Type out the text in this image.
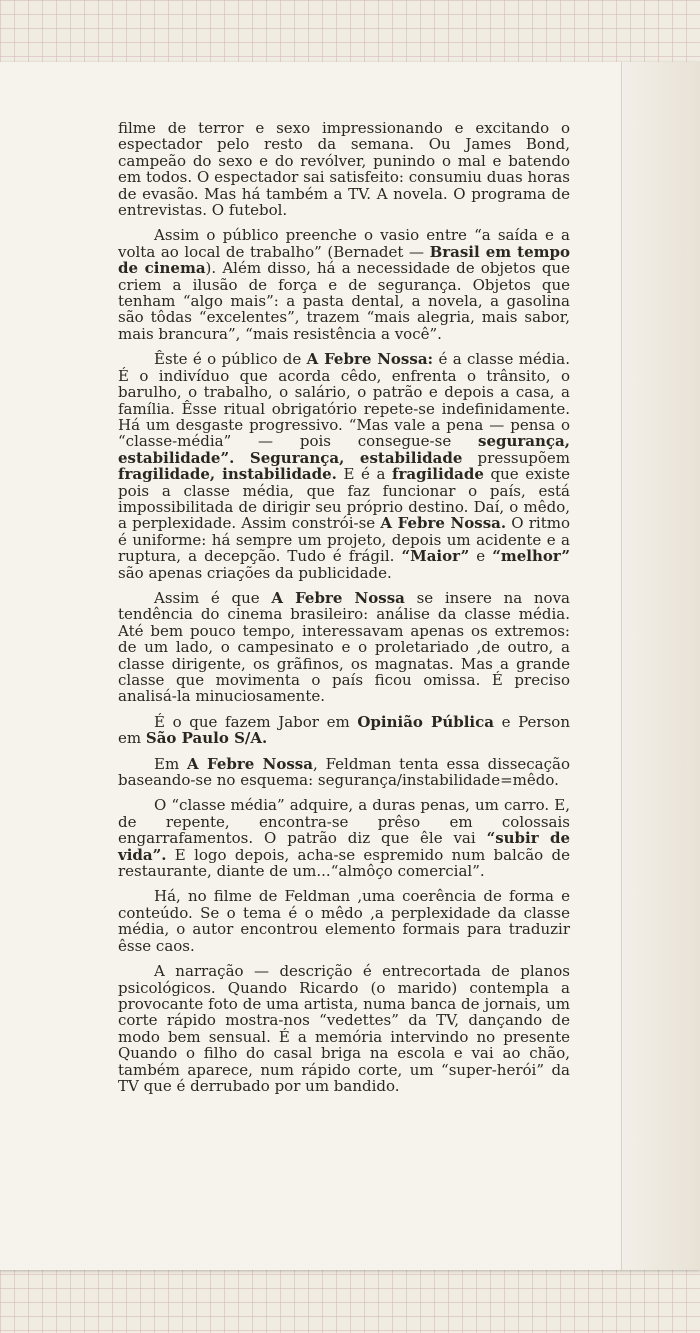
filme de terror e sexo impressionando e excitando o espectador pelo resto da semana. Ou James Bond, campeão do sexo e do revólver, punindo o mal e batendo em todos. O espectador sai satisfeito: consumiu duas horas de evasão. Mas há também a TV. A novela. O programa de entrevistas. O futebol.

Assim o público preenche o vasio entre “a saída e a volta ao local de trabalho” (Bernadet — Brasil em tempo de cinema). Além disso, há a necessidade de objetos que criem a ilusão de força e de segurança. Objetos que tenham “algo mais”: a pasta dental, a novela, a gasolina são tôdas “excelentes”, trazem “mais alegria, mais sabor, mais brancura”, “mais resistência a você”.

Êste é o público de A Febre Nossa: é a classe média. É o indivíduo que acorda cêdo, enfrenta o trânsito, o barulho, o trabalho, o salário, o patrão e depois a casa, a família. Êsse ritual obrigatório repete-se indefinidamente. Há um desgaste progressivo. “Mas vale a pena — pensa o “classe-média” — pois consegue-se segurança, estabilidade”. Segurança, estabilidade pressupõem fragilidade, instabilidade. E é a fragilidade que existe pois a classe média, que faz funcionar o país, está impossibilitada de dirigir seu próprio destino. Daí, o mêdo, a perplexidade. Assim constrói-se A Febre Nossa. O ritmo é uniforme: há sempre um projeto, depois um acidente e a ruptura, a decepção. Tudo é frágil. “Maior” e “melhor” são apenas criações da publicidade.

Assim é que A Febre Nossa se insere na nova tendência do cinema brasileiro: análise da classe média. Até bem pouco tempo, interessavam apenas os extremos: de um lado, o campesinato e o proletariado ,de outro, a classe dirigente, os grãfinos, os magnatas. Mas a grande classe que movimenta o país ficou omissa. É preciso analisá-la minuciosamente.

É o que fazem Jabor em Opinião Pública e Person em São Paulo S/A.

Em A Febre Nossa, Feldman tenta essa dissecação baseando-se no esquema: segurança/instabilidade=mêdo.

O “classe média” adquire, a duras penas, um carro. E, de repente, encontra-se prêso em colossais engarrafamentos. O patrão diz que êle vai “subir de vida”. E logo depois, acha-se espremido num balcão de restaurante, diante de um...“almôço comercial”.

Há, no filme de Feldman ,uma coerência de forma e conteúdo. Se o tema é o mêdo ,a perplexidade da classe média, o autor encontrou elemento formais para traduzir êsse caos.

A narração — descrição é entrecortada de planos psicológicos. Quando Ricardo (o marido) contempla a provocante foto de uma artista, numa banca de jornais, um corte rápido mostra-nos “vedettes” da TV, dançando de modo bem sensual. É a memória intervindo no presente Quando o filho do casal briga na escola e vai ao chão, também aparece, num rápido corte, um “super-herói” da TV que é derrubado por um bandido.
